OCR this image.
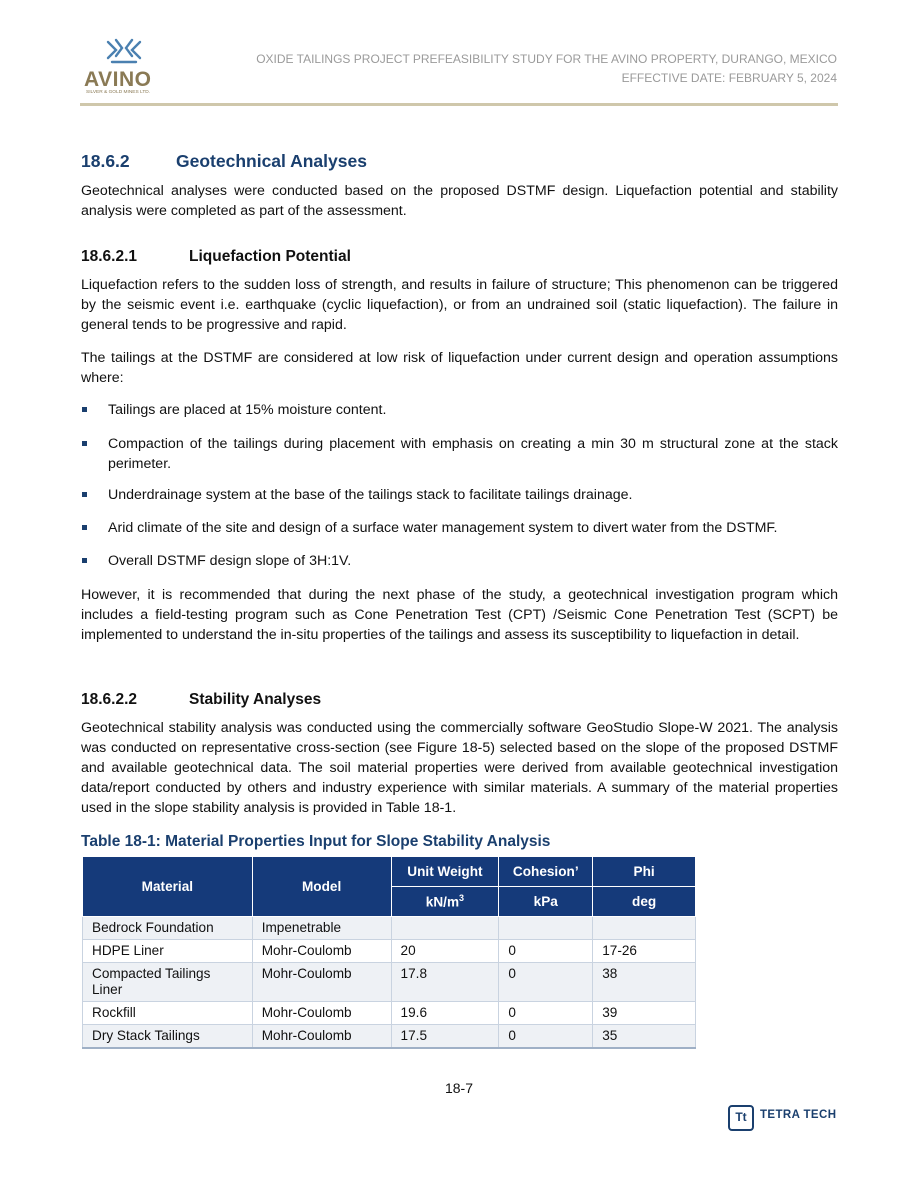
AVINO
SILVER & GOLD MINES LTD.
OXIDE TAILINGS PROJECT PREFEASIBILITY STUDY FOR THE AVINO PROPERTY, DURANGO, MEXICO
EFFECTIVE DATE: FEBRUARY 5, 2024
18.6.2	Geotechnical Analyses

Geotechnical analyses were conducted based on the proposed DSTMF design. Liquefaction potential and stability analysis were completed as part of the assessment.

18.6.2.1	Liquefaction Potential

Liquefaction refers to the sudden loss of strength, and results in failure of structure; This phenomenon can be triggered by the seismic event i.e. earthquake (cyclic liquefaction), or from an undrained soil (static liquefaction). The failure in general tends to be progressive and rapid.

The tailings at the DSTMF are considered at low risk of liquefaction under current design and operation assumptions where:

Tailings are placed at 15% moisture content.
Compaction of the tailings during placement with emphasis on creating a min 30 m structural zone at the stack perimeter.
Underdrainage system at the base of the tailings stack to facilitate tailings drainage.
Arid climate of the site and design of a surface water management system to divert water from the DSTMF.
Overall DSTMF design slope of 3H:1V.

However, it is recommended that during the next phase of the study, a geotechnical investigation program which includes a field-testing program such as Cone Penetration Test (CPT) /Seismic Cone Penetration Test (SCPT) be implemented to understand the in-situ properties of the tailings and assess its susceptibility to liquefaction in detail.

18.6.2.2	Stability Analyses

Geotechnical stability analysis was conducted using the commercially software GeoStudio Slope-W 2021. The analysis was conducted on representative cross-section (see Figure 18-5) selected based on the slope of the proposed DSTMF and available geotechnical data. The soil material properties were derived from available geotechnical investigation data/report conducted by others and industry experience with similar materials. A summary of the material properties used in the slope stability analysis is provided in Table 18-1.

Table 18-1: Material Properties Input for Slope Stability Analysis
Material	Model	Unit Weight	Cohesion’	Phi
		$kN/m^3$	kPa	deg
Bedrock Foundation	Impenetrable			
HDPE Liner	Mohr-Coulomb	20	0	17-26
Compacted Tailings Liner	Mohr-Coulomb	17.8	0	38
Rockfill	Mohr-Coulomb	19.6	0	39
Dry Stack Tailings	Mohr-Coulomb	17.5	0	35
18-7
Tt	TETRA TECH
